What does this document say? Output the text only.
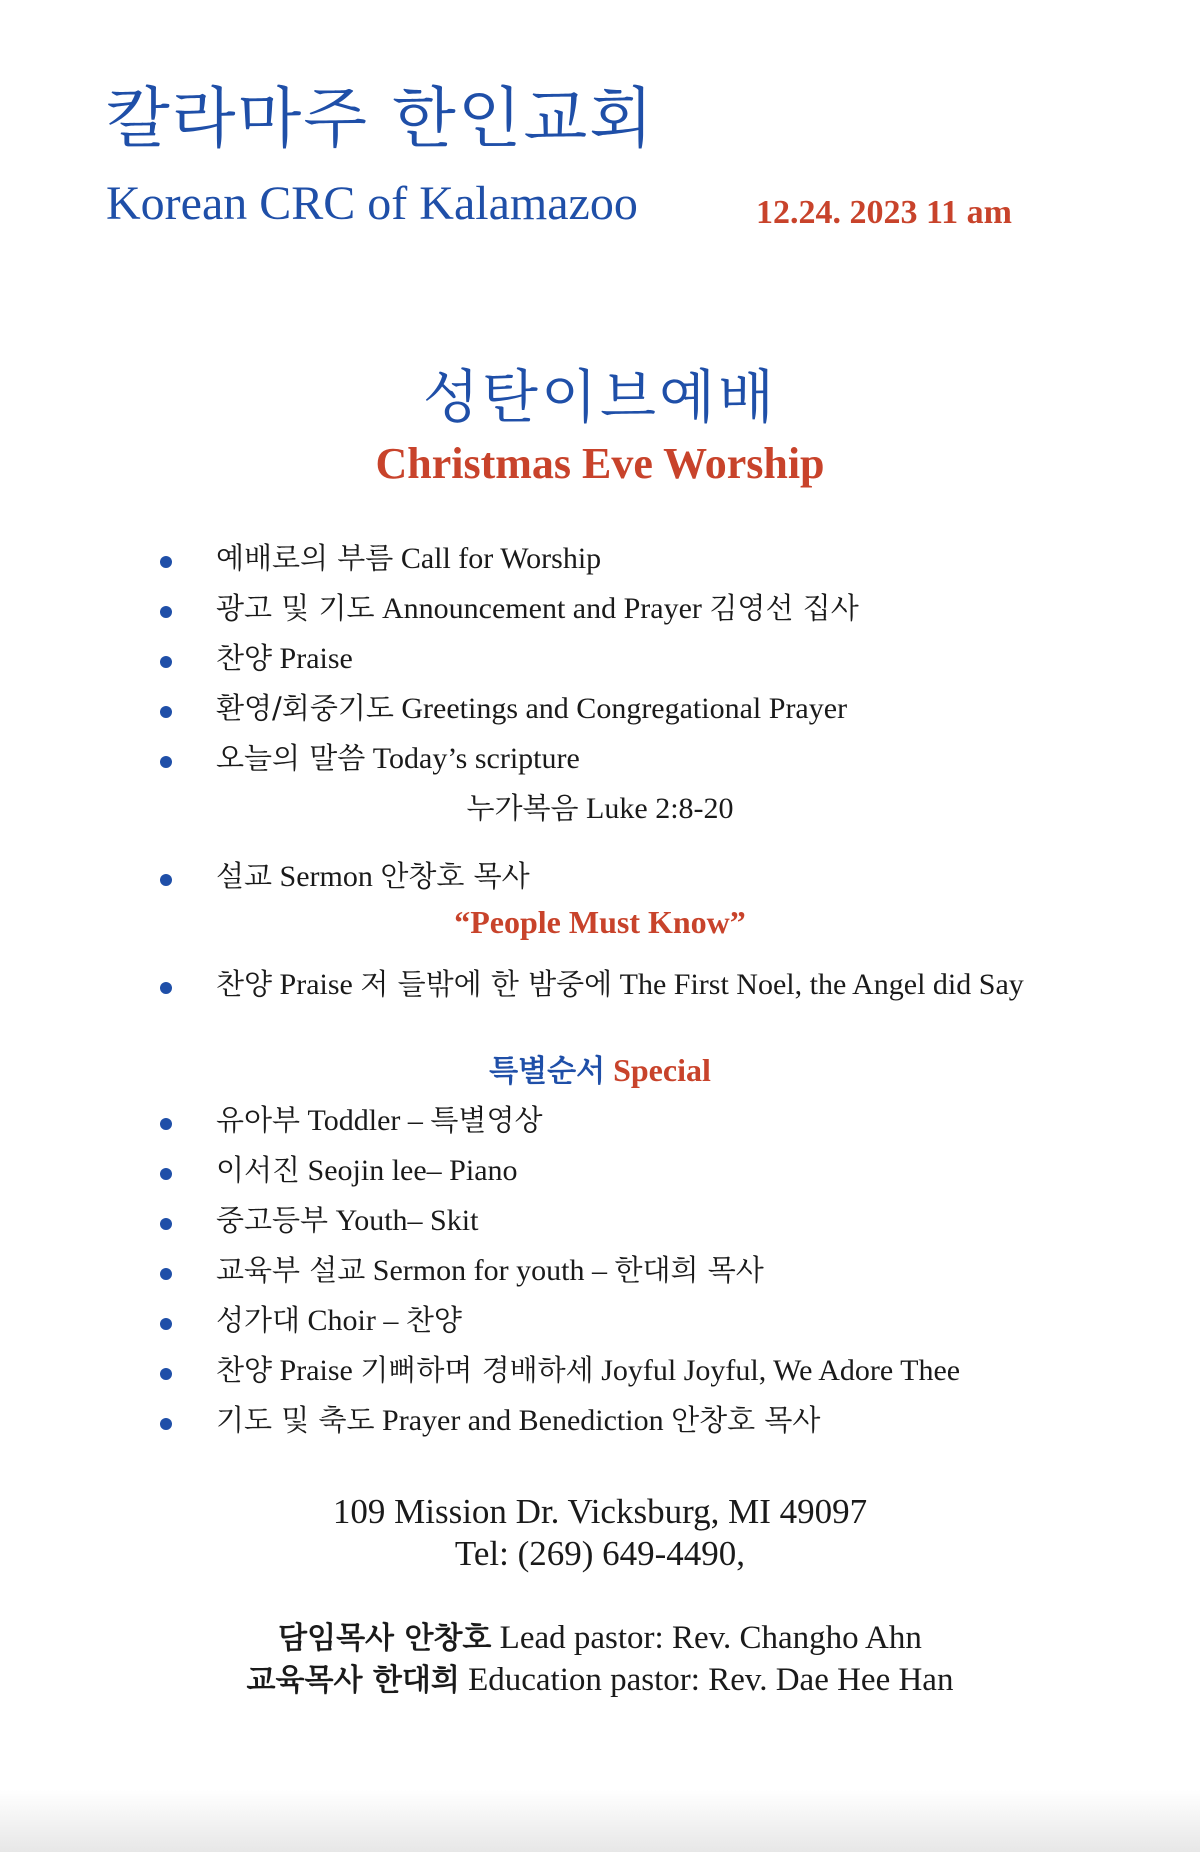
칼라마주 한인교회
Korean CRC of Kalamazoo	12.24. 2023 11 am
성탄이브예배
Christmas Eve Worship
예배로의 부름 Call for Worship
광고 및 기도 Announcement and Prayer 김영선 집사
찬양 Praise
환영/회중기도 Greetings and Congregational Prayer
오늘의 말씀 Today’s scripture
누가복음 Luke 2:8-20
설교 Sermon 안창호 목사
“People Must Know”
찬양 Praise 저 들밖에 한 밤중에 The First Noel, the Angel did Say
특별순서 Special
유아부 Toddler – 특별영상
이서진 Seojin lee– Piano
중고등부 Youth– Skit
교육부 설교 Sermon for youth – 한대희 목사
성가대 Choir – 찬양
찬양 Praise 기뻐하며 경배하세 Joyful Joyful, We Adore Thee
기도 및 축도 Prayer and Benediction 안창호 목사
109 Mission Dr. Vicksburg, MI 49097
Tel: (269) 649-4490,
담임목사 안창호 Lead pastor: Rev. Changho Ahn
교육목사 한대희 Education pastor: Rev. Dae Hee Han
